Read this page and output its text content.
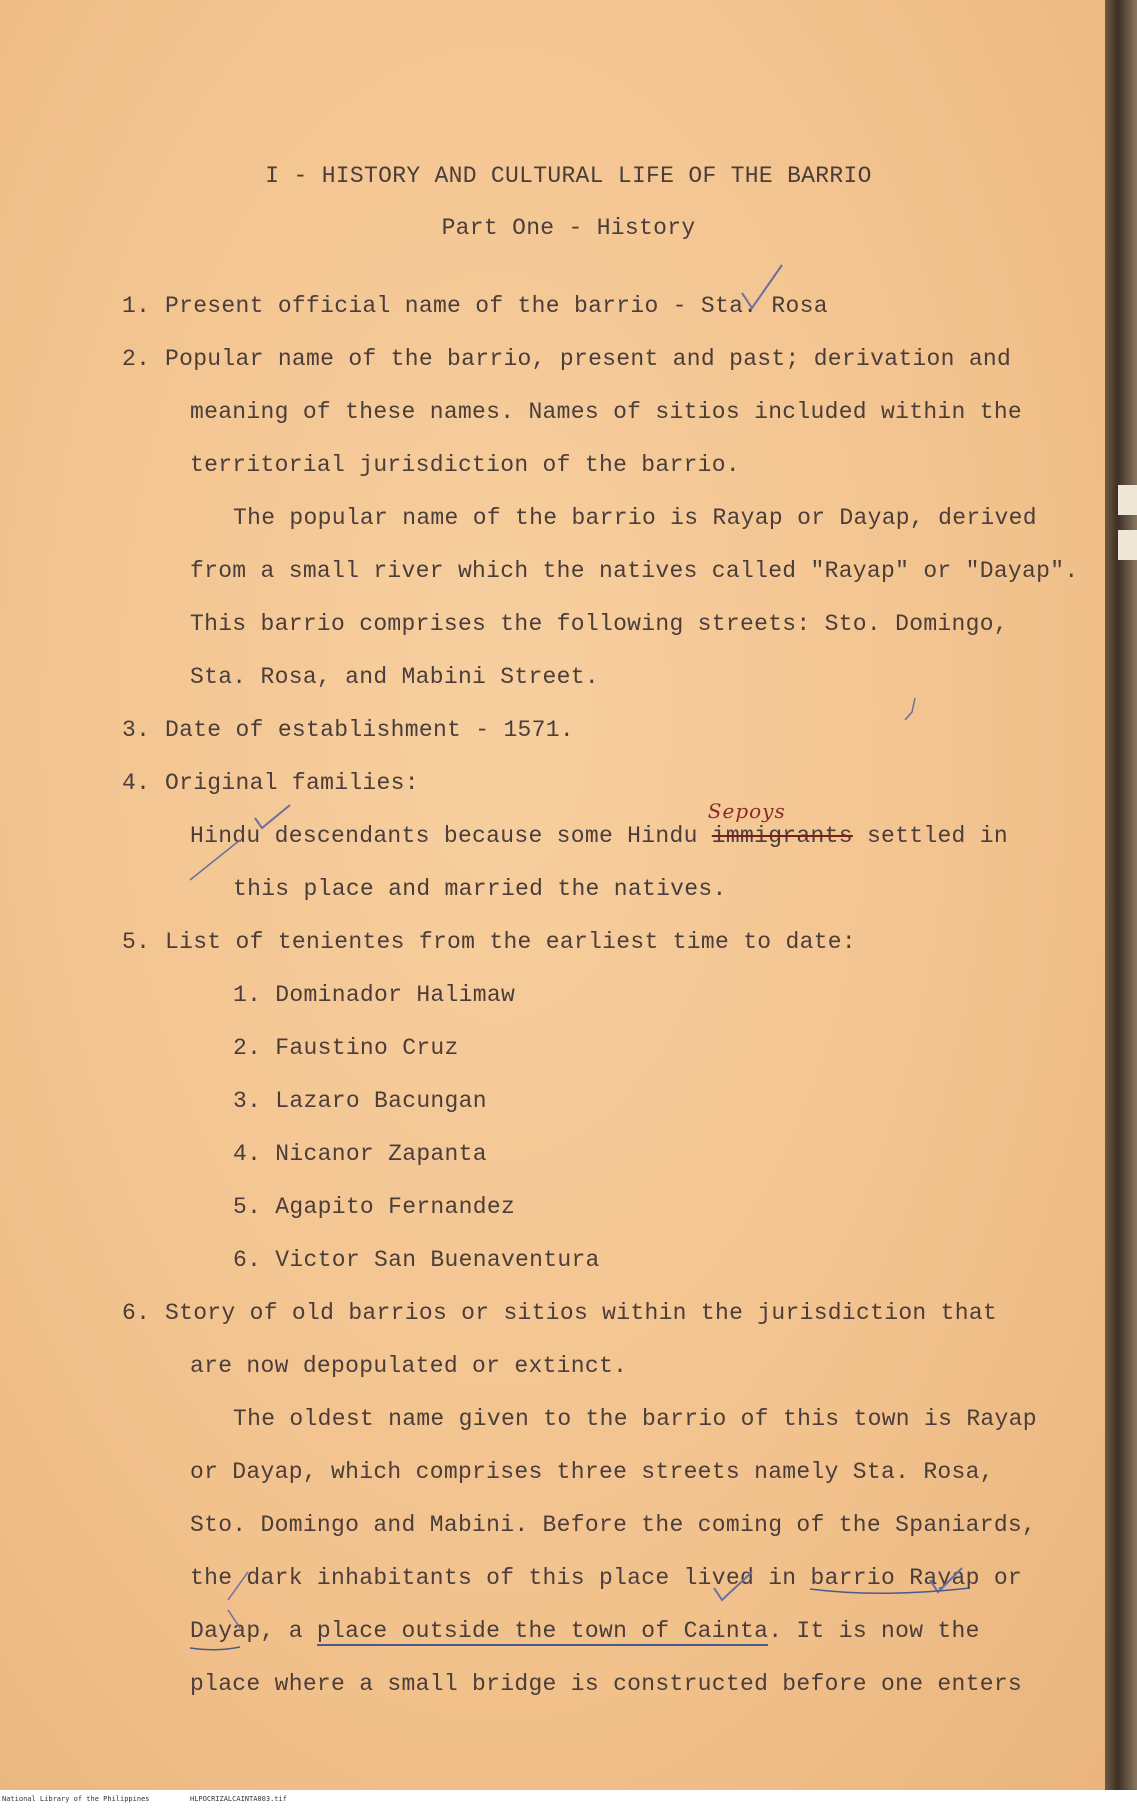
I - HISTORY AND CULTURAL LIFE OF THE BARRIO
Part One - History
1. Present official name of the barrio - Sta. Rosa
2. Popular name of the barrio, present and past; derivation and
meaning of these names. Names of sitios included within the
territorial jurisdiction of the barrio.
The popular name of the barrio is Rayap or Dayap, derived
from a small river which the natives called "Rayap" or "Dayap".
This barrio comprises the following streets: Sto. Domingo,
Sta. Rosa, and Mabini Street.
3. Date of establishment - 1571.
4. Original families:
Hindu descendants because some Hindu
Sepoys
immigrants settled in
this place and married the natives.
5. List of tenientes from the earliest time to date:
1. Dominador Halimaw
2. Faustino Cruz
3. Lazaro Bacungan
4. Nicanor Zapanta
5. Agapito Fernandez
6. Victor San Buenaventura
6. Story of old barrios or sitios within the jurisdiction that
are now depopulated or extinct.
The oldest name given to the barrio of this town is Rayap
or Dayap, which comprises three streets namely Sta. Rosa,
Sto. Domingo and Mabini. Before the coming of the Spaniards,
the dark inhabitants of this place lived in barrio Rayap or
Dayap, a place outside the town of Cainta. It is now the
place where a small bridge is constructed before one enters
National Library of the Philippines	HLPOCRIZALCAINTA003.tif
